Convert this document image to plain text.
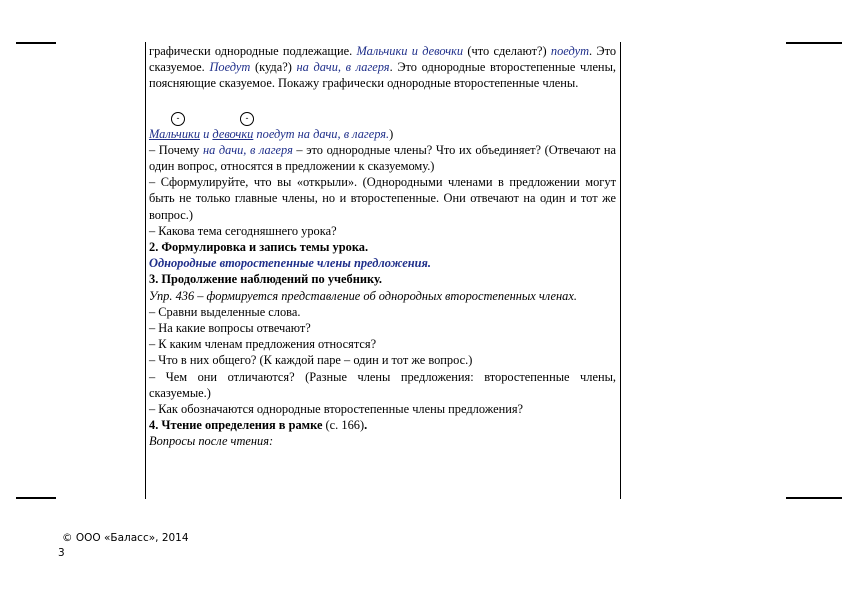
графически однородные подлежащие. Мальчики и девочки (что сделают?) поедут. Это сказуемое. Поедут (куда?) на дачи, в лагеря. Это однородные второстепенные члены, поясняющие сказуемое. Покажу графически однородные второстепенные члены.

-	-

Мальчики и девочки поедут на дачи, в лагеря.)

– Почему на дачи, в лагеря – это однородные члены? Что их объединяет? (Отвечают на один вопрос, относятся в предложении к сказуемому.)

– Сформулируйте, что вы «открыли». (Однородными членами в предложении могут быть не только главные члены, но и второстепенные. Они отвечают на один и тот же вопрос.)

– Какова тема сегодняшнего урока?

2. Формулировка и запись темы урока.

Однородные второстепенные члены предложения.

3. Продолжение наблюдений по учебнику.

Упр. 436 – формируется представление об однородных второстепенных членах.

– Сравни выделенные слова.

– На какие вопросы отвечают?

– К каким членам предложения относятся?

– Что в них общего? (К каждой паре – один и тот же вопрос.)

– Чем они отличаются? (Разные члены предложения: второстепенные члены, сказуемые.)

– Как обозначаются однородные второстепенные члены предложения?

4. Чтение определения в рамке (с. 166).

Вопросы после чтения:

© ООО «Баласс», 2014
3
